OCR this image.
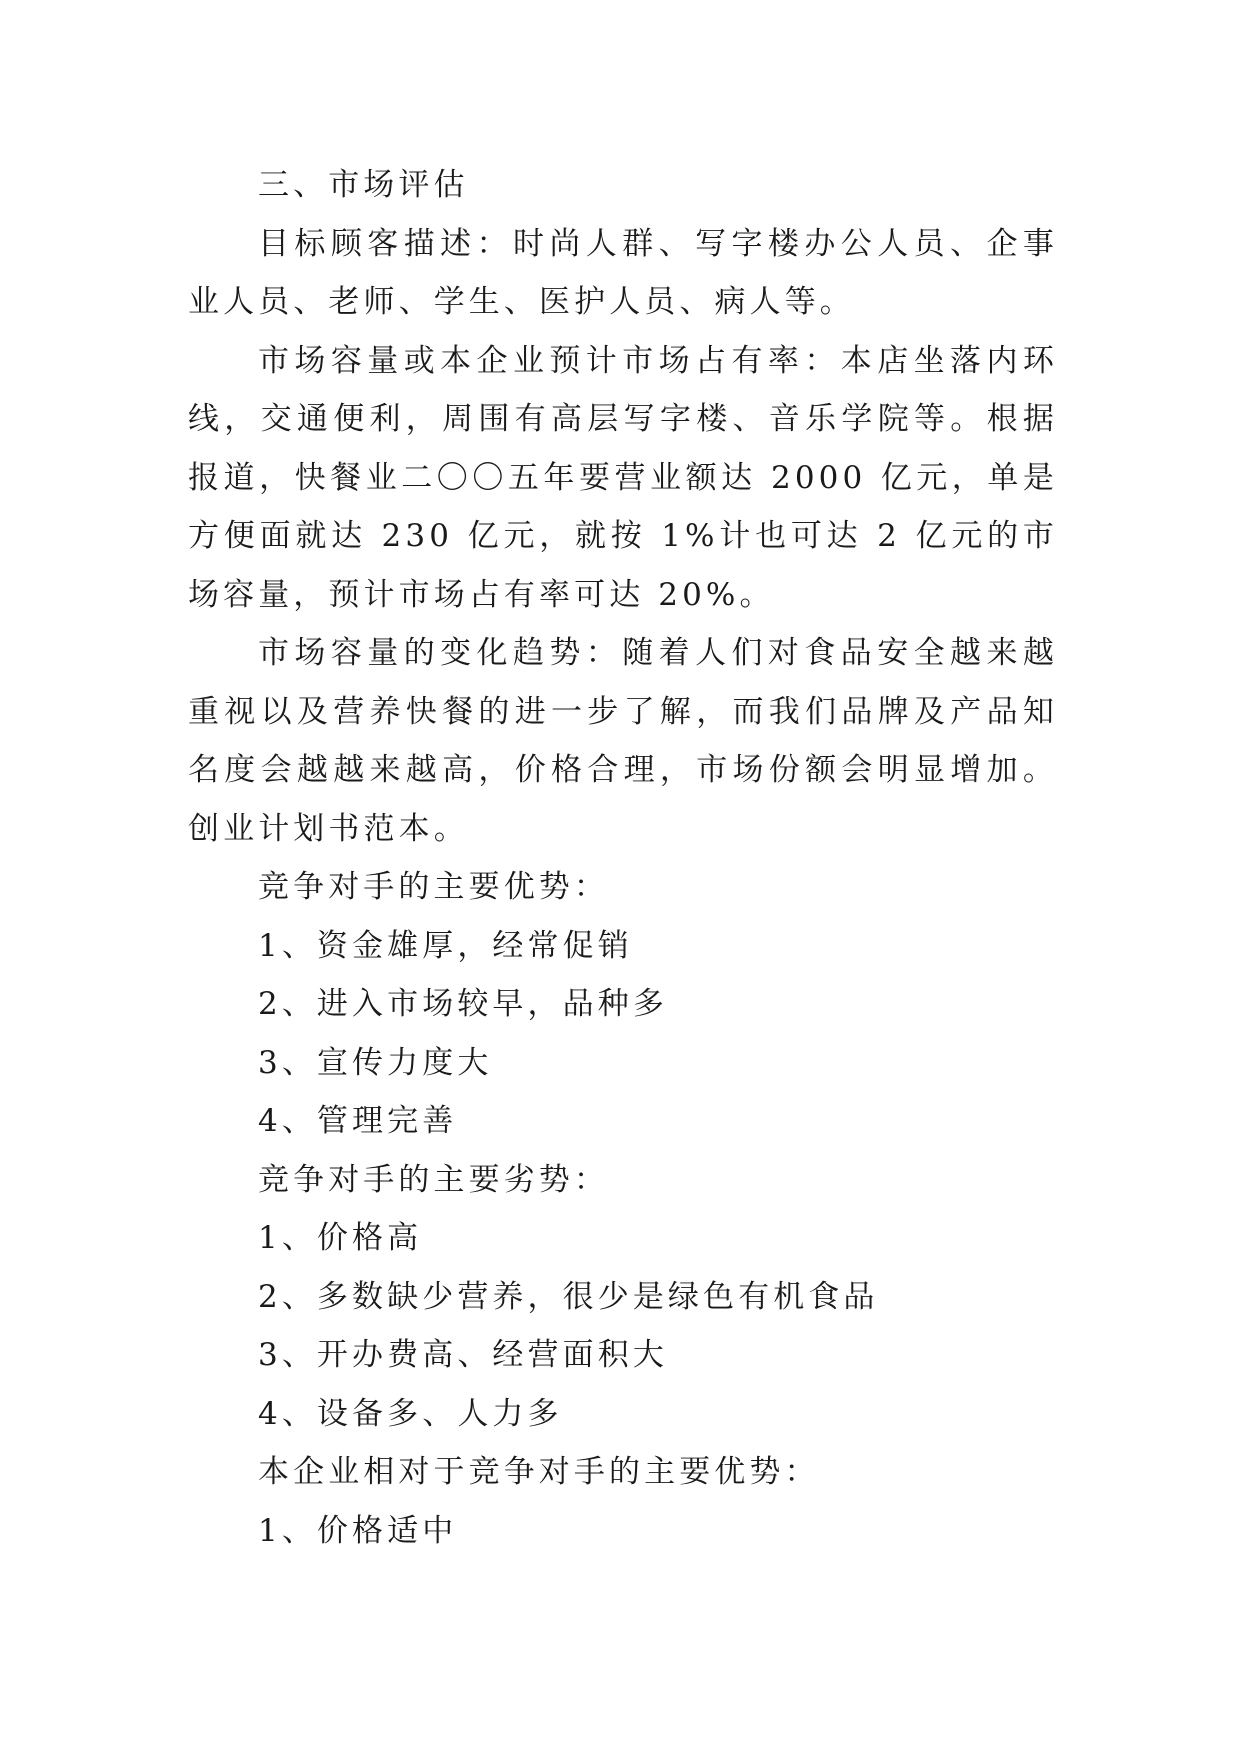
三、市场评估

目标顾客描述：时尚人群、写字楼办公人员、企事业人员、老师、学生、医护人员、病人等。

市场容量或本企业预计市场占有率：本店坐落内环线，交通便利，周围有高层写字楼、音乐学院等。根据报道，快餐业二〇〇五年要营业额达 2000 亿元，单是方便面就达 230 亿元，就按 1%计也可达 2 亿元的市场容量，预计市场占有率可达 20%。

市场容量的变化趋势：随着人们对食品安全越来越重视以及营养快餐的进一步了解，而我们品牌及产品知名度会越越来越高，价格合理，市场份额会明显增加。创业计划书范本。

竞争对手的主要优势：

1、资金雄厚，经常促销

2、进入市场较早，品种多

3、宣传力度大

4、管理完善

竞争对手的主要劣势：

1、价格高

2、多数缺少营养，很少是绿色有机食品

3、开办费高、经营面积大

4、设备多、人力多

本企业相对于竞争对手的主要优势：

1、价格适中
